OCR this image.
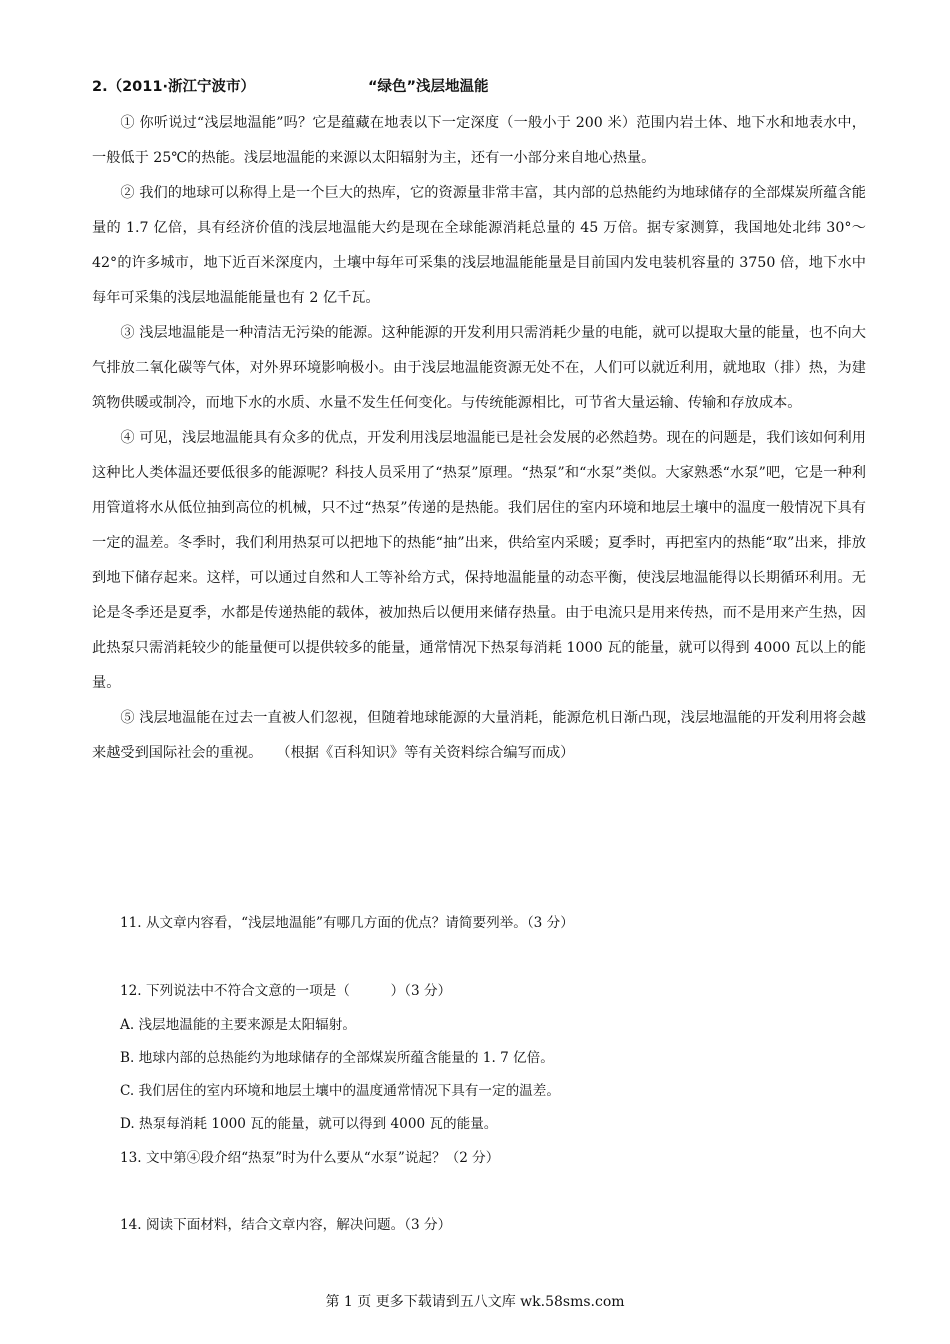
2.（2011·浙江宁波市）	“绿色”浅层地温能

① 你听说过“浅层地温能”吗？它是蕴藏在地表以下一定深度（一般小于 200 米）范围内岩土体、地下水和地表水中，一般低于 25℃的热能。浅层地温能的来源以太阳辐射为主，还有一小部分来自地心热量。

② 我们的地球可以称得上是一个巨大的热库，它的资源量非常丰富，其内部的总热能约为地球储存的全部煤炭所蕴含能量的 1.7 亿倍，具有经济价值的浅层地温能大约是现在全球能源消耗总量的 45 万倍。据专家测算，我国地处北纬 30°～42°的许多城市，地下近百米深度内，土壤中每年可采集的浅层地温能能量是目前国内发电装机容量的 3750 倍，地下水中每年可采集的浅层地温能能量也有 2 亿千瓦。

③ 浅层地温能是一种清洁无污染的能源。这种能源的开发利用只需消耗少量的电能，就可以提取大量的能量，也不向大气排放二氧化碳等气体，对外界环境影响极小。由于浅层地温能资源无处不在，人们可以就近利用，就地取（排）热，为建筑物供暖或制冷，而地下水的水质、水量不发生任何变化。与传统能源相比，可节省大量运输、传输和存放成本。

④ 可见，浅层地温能具有众多的优点，开发利用浅层地温能已是社会发展的必然趋势。现在的问题是，我们该如何利用这种比人类体温还要低很多的能源呢？科技人员采用了“热泵”原理。“热泵”和“水泵”类似。大家熟悉“水泵”吧，它是一种利用管道将水从低位抽到高位的机械，只不过“热泵”传递的是热能。我们居住的室内环境和地层土壤中的温度一般情况下具有一定的温差。冬季时，我们利用热泵可以把地下的热能“抽”出来，供给室内采暖；夏季时，再把室内的热能“取”出来，排放到地下储存起来。这样，可以通过自然和人工等补给方式，保持地温能量的动态平衡，使浅层地温能得以长期循环利用。无论是冬季还是夏季，水都是传递热能的载体，被加热后以便用来储存热量。由于电流只是用来传热，而不是用来产生热，因此热泵只需消耗较少的能量便可以提供较多的能量，通常情况下热泵每消耗 1000 瓦的能量，就可以得到 4000 瓦以上的能量。

⑤ 浅层地温能在过去一直被人们忽视，但随着地球能源的大量消耗，能源危机日渐凸现，浅层地温能的开发利用将会越来越受到国际社会的重视。　　（根据《百科知识》等有关资料综合编写而成）

11. 从文章内容看，“浅层地温能”有哪几方面的优点？请简要列举。（3 分）
12. 下列说法中不符合文意的一项是（　　　）（3 分）
A. 浅层地温能的主要来源是太阳辐射。
B. 地球内部的总热能约为地球储存的全部煤炭所蕴含能量的 1. 7 亿倍。
C. 我们居住的室内环境和地层土壤中的温度通常情况下具有一定的温差。
D. 热泵每消耗 1000 瓦的能量，就可以得到 4000 瓦的能量。
13. 文中第④段介绍“热泵”时为什么要从“水泵”说起？（2 分）
14. 阅读下面材料，结合文章内容，解决问题。（3 分）
第 1 页 更多下载请到五八文库 wk.58sms.com
